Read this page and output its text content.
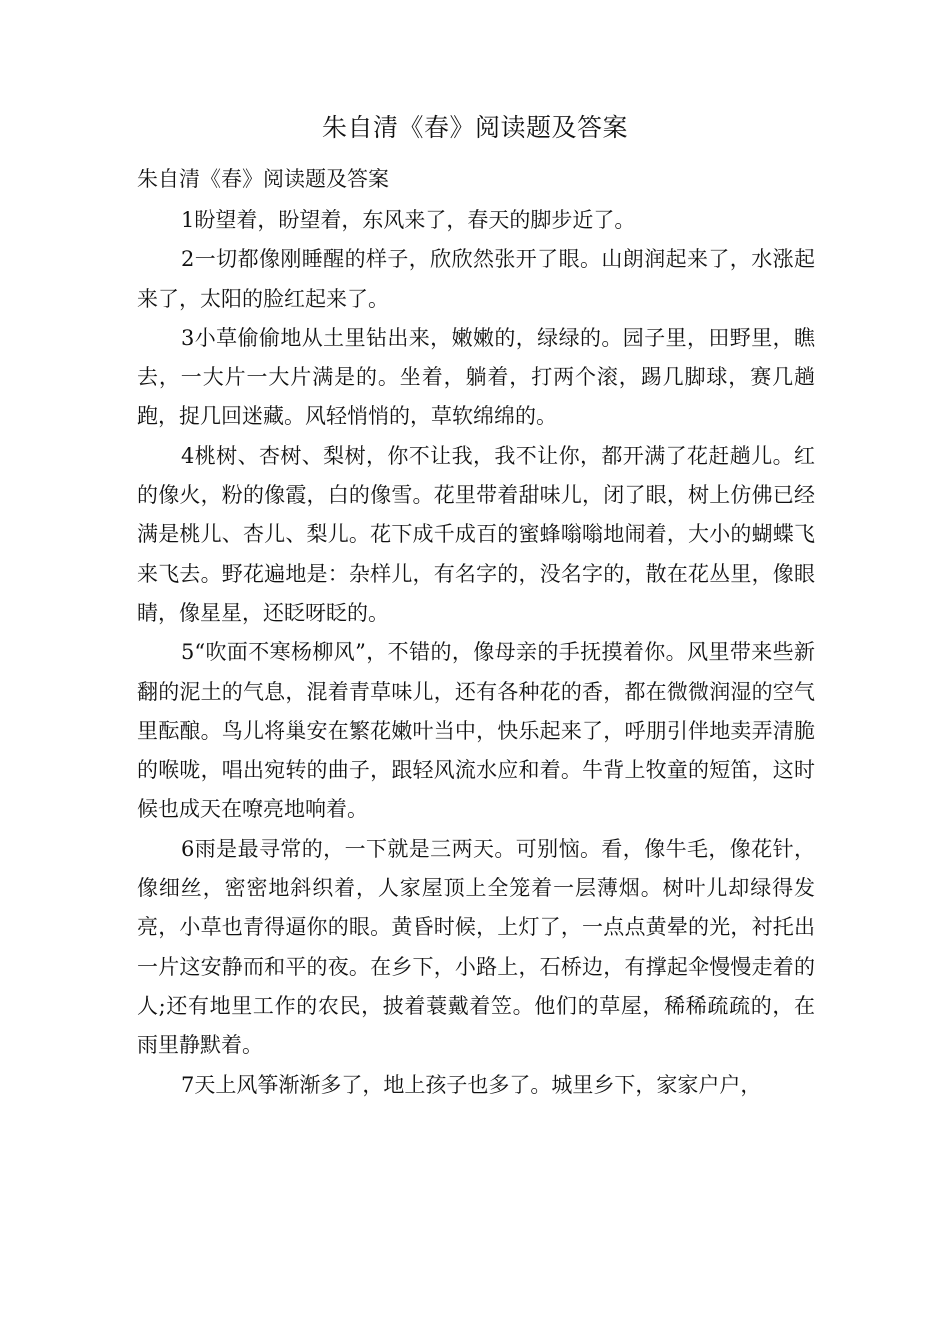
朱自清《春》阅读题及答案
朱自清《春》阅读题及答案

1盼望着，盼望着，东风来了，春天的脚步近了。

2一切都像刚睡醒的样子，欣欣然张开了眼。山朗润起来了，水涨起来了，太阳的脸红起来了。

3小草偷偷地从土里钻出来，嫩嫩的，绿绿的。园子里，田野里，瞧去，一大片一大片满是的。坐着，躺着，打两个滚，踢几脚球，赛几趟跑，捉几回迷藏。风轻悄悄的，草软绵绵的。

4桃树、杏树、梨树，你不让我，我不让你，都开满了花赶趟儿。红的像火，粉的像霞，白的像雪。花里带着甜味儿，闭了眼，树上仿佛已经满是桃儿、杏儿、梨儿。花下成千成百的蜜蜂嗡嗡地闹着，大小的蝴蝶飞来飞去。野花遍地是：杂样儿，有名字的，没名字的，散在花丛里，像眼睛，像星星，还眨呀眨的。

5“吹面不寒杨柳风”，不错的，像母亲的手抚摸着你。风里带来些新翻的泥土的气息，混着青草味儿，还有各种花的香，都在微微润湿的空气里酝酿。鸟儿将巢安在繁花嫩叶当中，快乐起来了，呼朋引伴地卖弄清脆的喉咙，唱出宛转的曲子，跟轻风流水应和着。牛背上牧童的短笛，这时候也成天在嘹亮地响着。

6雨是最寻常的，一下就是三两天。可别恼。看，像牛毛，像花针，像细丝，密密地斜织着，人家屋顶上全笼着一层薄烟。树叶儿却绿得发亮，小草也青得逼你的眼。黄昏时候，上灯了，一点点黄晕的光，衬托出一片这安静而和平的夜。在乡下，小路上，石桥边，有撑起伞慢慢走着的人;还有地里工作的农民，披着蓑戴着笠。他们的草屋，稀稀疏疏的，在雨里静默着。

7天上风筝渐渐多了，地上孩子也多了。城里乡下，家家户户，
